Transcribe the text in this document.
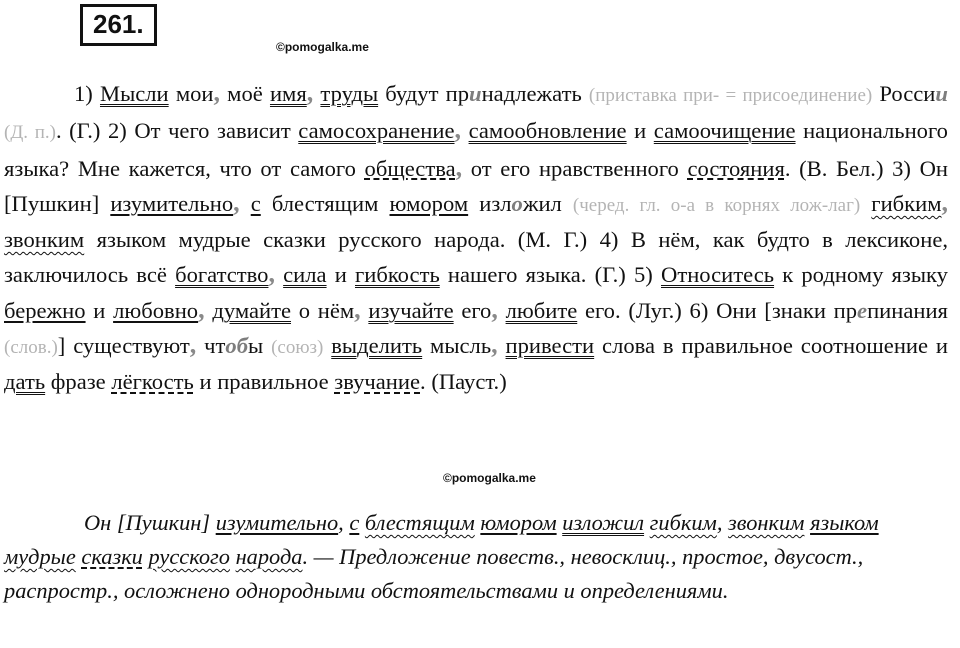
261.
©pomogalka.me
©pomogalka.me
1) Мысли мои, моё имя, труды будут принадлежать (приставка при- = присоединение) России (Д. п.). (Г.) 2) От чего зависит самосохранение, самообновление и самоочищение национального языка? Мне кажется, что от самого общества, от его нравственного состояния. (В. Бел.) 3) Он [Пушкин] изумительно, с блестящим юмором изложил (черед. гл. о-а в корнях лож-лаг) гибким, звонким языком мудрые сказки русского народа. (М. Г.) 4) В нём, как будто в лексиконе, заключилось всё богатство, сила и гибкость нашего языка. (Г.) 5) Относитесь к родному языку бережно и любовно, думайте о нём, изучайте его, любите его. (Луг.) 6) Они [знаки препинания (слов.)] существуют, чтобы (союз) выделить мысль, привести слова в правильное соотношение и дать фразе лёгкость и правильное звучание. (Пауст.)
Он [Пушкин] изумительно, с блестящим юмором изложил гибким, звонким языком мудрые сказки русского народа. — Предложение повеств., невосклиц., простое, двусост., распростр., осложнено однородными обстоятельствами и определениями.
